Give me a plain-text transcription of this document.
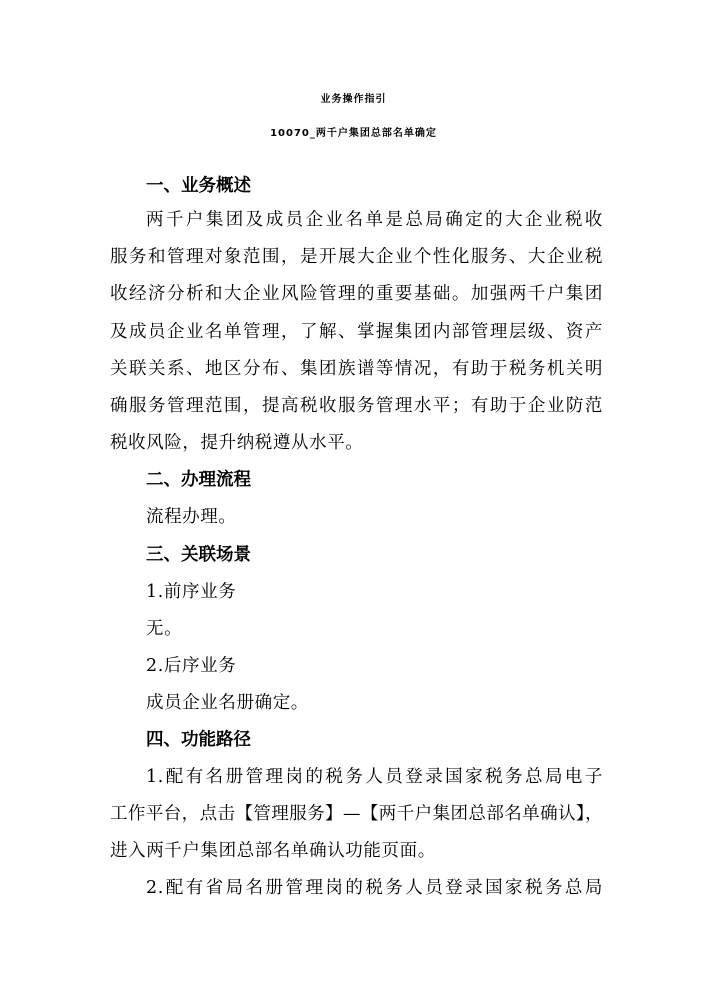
业务操作指引
10070_两千户集团总部名单确定
一、业务概述
两千户集团及成员企业名单是总局确定的大企业税收
服务和管理对象范围，是开展大企业个性化服务、大企业税
收经济分析和大企业风险管理的重要基础。加强两千户集团
及成员企业名单管理，了解、掌握集团内部管理层级、资产
关联关系、地区分布、集团族谱等情况，有助于税务机关明
确服务管理范围，提高税收服务管理水平；有助于企业防范
税收风险，提升纳税遵从水平。
二、办理流程
流程办理。
三、关联场景
1.前序业务
无。
2.后序业务
成员企业名册确定。
四、功能路径
1.配有名册管理岗的税务人员登录国家税务总局电子
工作平台，点击【管理服务】—【两千户集团总部名单确认】，
进入两千户集团总部名单确认功能页面。
2.配有省局名册管理岗的税务人员登录国家税务总局
